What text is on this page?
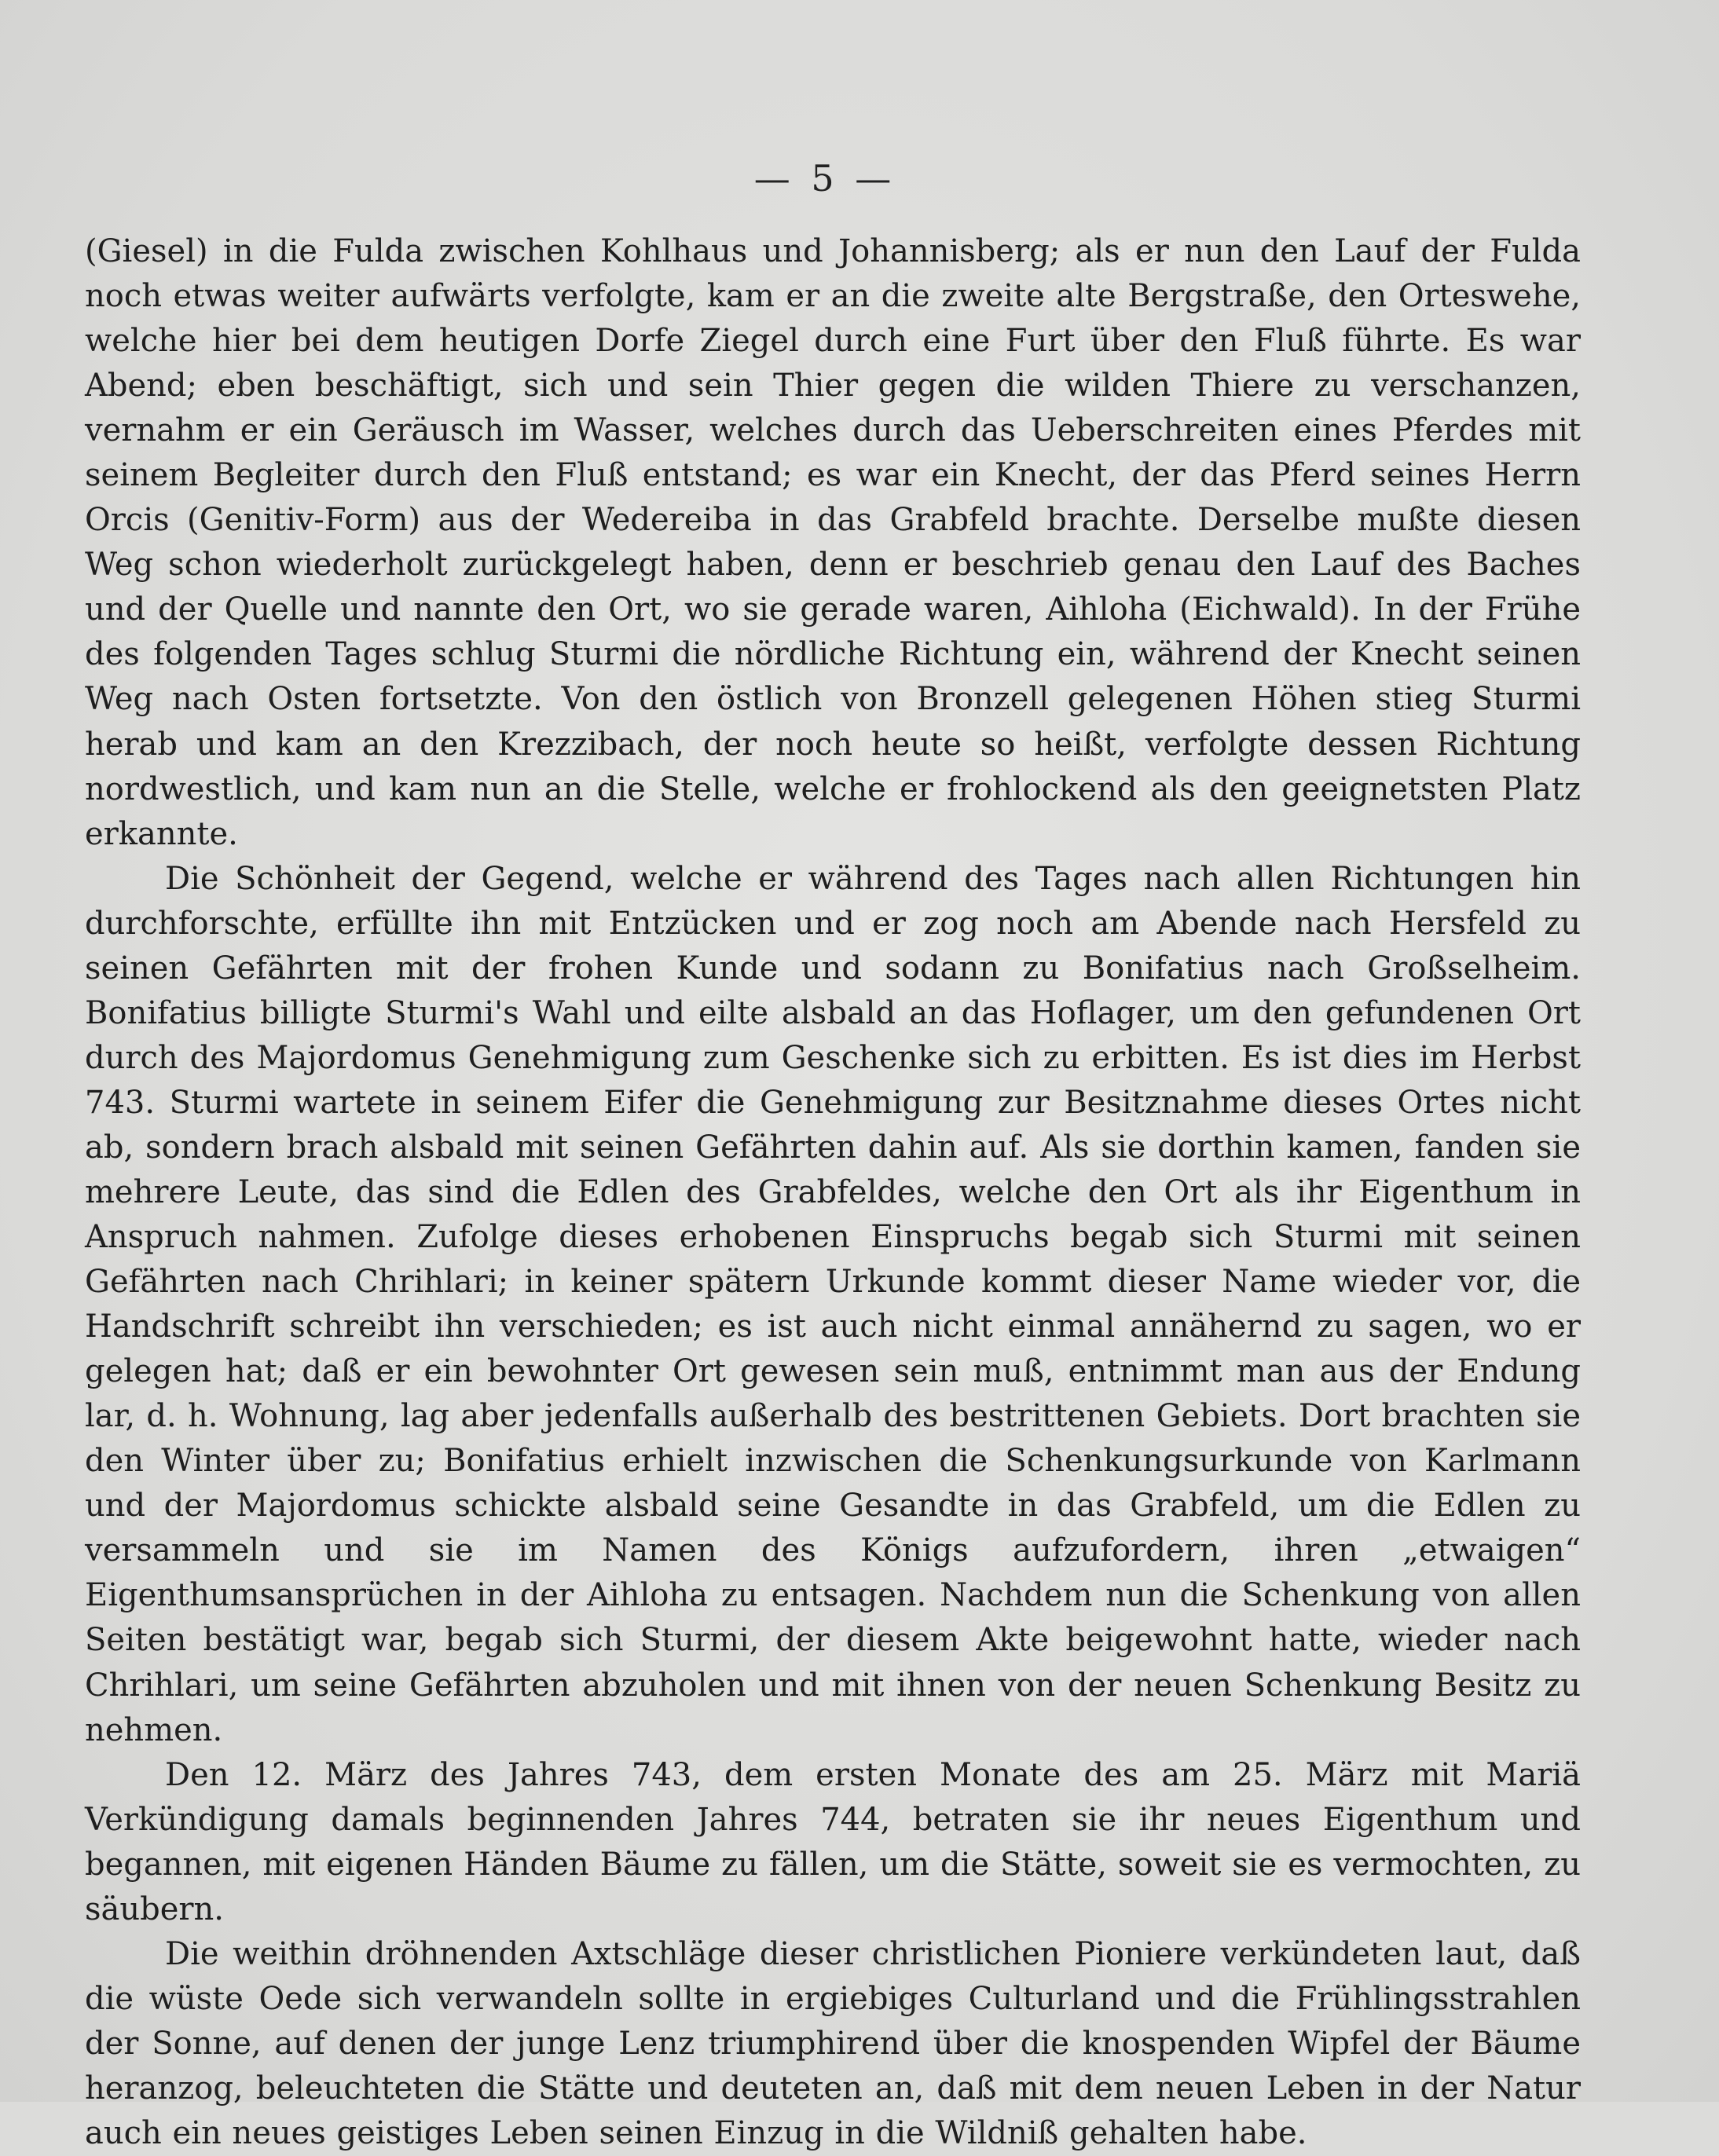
— 5 —

(Giesel) in die Fulda zwischen Kohlhaus und Johannisberg; als er nun den Lauf der Fulda noch etwas weiter aufwärts verfolgte, kam er an die zweite alte Bergstraße, den Orteswehe, welche hier bei dem heutigen Dorfe Ziegel durch eine Furt über den Fluß führte. Es war Abend; eben beschäftigt, sich und sein Thier gegen die wilden Thiere zu verschanzen, vernahm er ein Geräusch im Wasser, welches durch das Ueberschreiten eines Pferdes mit seinem Begleiter durch den Fluß entstand; es war ein Knecht, der das Pferd seines Herrn Orcis (Genitiv-Form) aus der Wedereiba in das Grabfeld brachte. Derselbe mußte diesen Weg schon wiederholt zurückgelegt haben, denn er beschrieb genau den Lauf des Baches und der Quelle und nannte den Ort, wo sie gerade waren, Aihloha (Eichwald). In der Frühe des folgenden Tages schlug Sturmi die nördliche Richtung ein, während der Knecht seinen Weg nach Osten fortsetzte. Von den östlich von Bronzell gelegenen Höhen stieg Sturmi herab und kam an den Krezzibach, der noch heute so heißt, verfolgte dessen Richtung nordwestlich, und kam nun an die Stelle, welche er frohlockend als den geeignetsten Platz erkannte.

Die Schönheit der Gegend, welche er während des Tages nach allen Richtungen hin durchforschte, erfüllte ihn mit Entzücken und er zog noch am Abende nach Hersfeld zu seinen Gefährten mit der frohen Kunde und sodann zu Bonifatius nach Großselheim. Bonifatius billigte Sturmi's Wahl und eilte alsbald an das Hoflager, um den gefundenen Ort durch des Majordomus Genehmigung zum Geschenke sich zu erbitten. Es ist dies im Herbst 743. Sturmi wartete in seinem Eifer die Genehmigung zur Besitznahme dieses Ortes nicht ab, sondern brach alsbald mit seinen Gefährten dahin auf. Als sie dorthin kamen, fanden sie mehrere Leute, das sind die Edlen des Grabfeldes, welche den Ort als ihr Eigenthum in Anspruch nahmen. Zufolge dieses erhobenen Einspruchs begab sich Sturmi mit seinen Gefährten nach Chrihlari; in keiner spätern Urkunde kommt dieser Name wieder vor, die Handschrift schreibt ihn verschieden; es ist auch nicht einmal annähernd zu sagen, wo er gelegen hat; daß er ein bewohnter Ort gewesen sein muß, entnimmt man aus der Endung lar, d. h. Wohnung, lag aber jedenfalls außerhalb des bestrittenen Gebiets. Dort brachten sie den Winter über zu; Bonifatius erhielt inzwischen die Schenkungsurkunde von Karlmann und der Majordomus schickte alsbald seine Gesandte in das Grabfeld, um die Edlen zu versammeln und sie im Namen des Königs aufzufordern, ihren „etwaigen“ Eigenthumsansprüchen in der Aihloha zu entsagen. Nachdem nun die Schenkung von allen Seiten bestätigt war, begab sich Sturmi, der diesem Akte beigewohnt hatte, wieder nach Chrihlari, um seine Gefährten abzuholen und mit ihnen von der neuen Schenkung Besitz zu nehmen.

Den 12. März des Jahres 743, dem ersten Monate des am 25. März mit Mariä Verkündigung damals beginnenden Jahres 744, betraten sie ihr neues Eigenthum und begannen, mit eigenen Händen Bäume zu fällen, um die Stätte, soweit sie es vermochten, zu säubern.

Die weithin dröhnenden Axtschläge dieser christlichen Pioniere verkündeten laut, daß die wüste Oede sich verwandeln sollte in ergiebiges Culturland und die Frühlingsstrahlen der Sonne, auf denen der junge Lenz triumphirend über die knospenden Wipfel der Bäume heranzog, beleuchteten die Stätte und deuteten an, daß mit dem neuen Leben in der Natur auch ein neues geistiges Leben seinen Einzug in die Wildniß gehalten habe.
